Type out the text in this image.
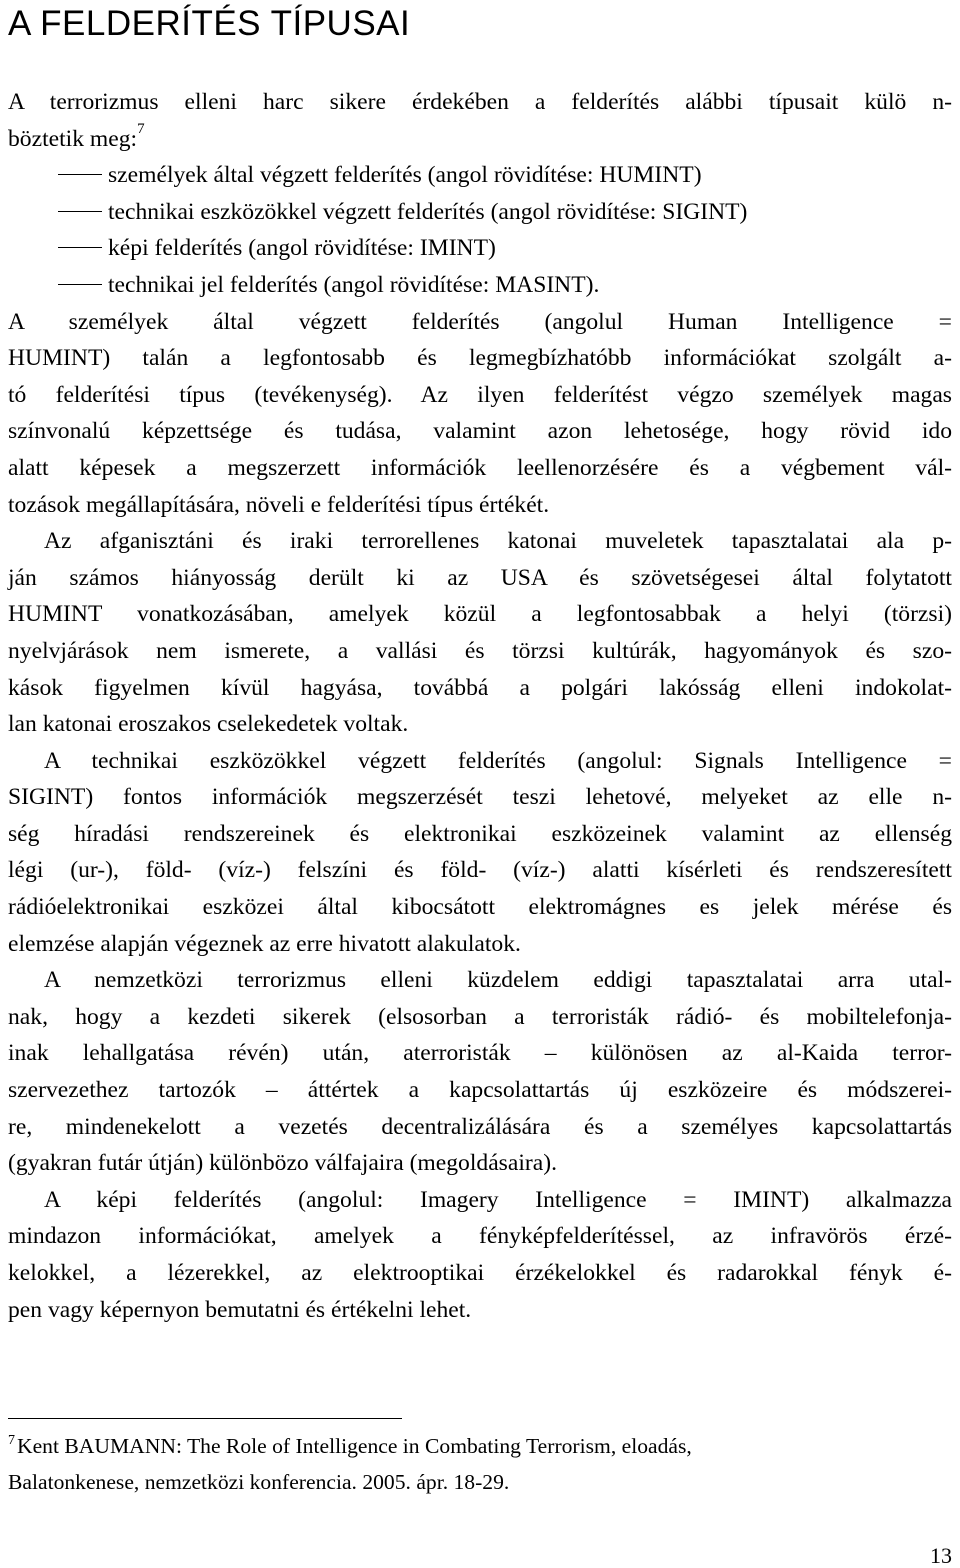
A FELDERÍTÉS TÍPUSAI
A terrorizmus elleni harc sikere érdekében a felderítés alábbi típusait külö n-
böztetik meg:$^7$
személyek által végzett felderítés (angol rövidítése: HUMINT)
technikai eszközökkel végzett felderítés (angol rövidítése: SIGINT)
képi felderítés (angol rövidítése: IMINT)
technikai jel felderítés (angol rövidítése: MASINT).
A személyek által végzett felderítés (angolul Human Intelligence =
HUMINT) talán a legfontosabb és legmegbízhatóbb információkat szolgált a-
tó felderítési típus (tevékenység). Az ilyen felderítést végzo személyek magas
színvonalú képzettsége és tudása, valamint azon lehetosége, hogy rövid ido
alatt képesek a megszerzett információk leellenorzésére és a végbement vál-
tozások megállapítására, növeli e felderítési típus értékét.
Az afganisztáni és iraki terrorellenes katonai muveletek tapasztalatai ala p-
ján számos hiányosság derült ki az USA és szövetségesei által folytatott
HUMINT vonatkozásában, amelyek közül a legfontosabbak a helyi (törzsi)
nyelvjárások nem ismerete, a vallási és törzsi kultúrák, hagyományok és szo-
kások figyelmen kívül hagyása, továbbá a polgári lakósság elleni indokolat-
lan katonai eroszakos cselekedetek voltak.
A technikai eszközökkel végzett felderítés (angolul: Signals Intelligence =
SIGINT) fontos információk megszerzését teszi lehetové, melyeket az elle n-
ség híradási rendszereinek és elektronikai eszközeinek valamint az ellenség
légi (ur-), föld- (víz-) felszíni és föld- (víz-) alatti kísérleti és rendszeresített
rádióelektronikai eszközei által kibocsátott elektromágnes es jelek mérése és
elemzése alapján végeznek az erre hivatott alakulatok.
A nemzetközi terrorizmus elleni küzdelem eddigi tapasztalatai arra utal-
nak, hogy a kezdeti sikerek (elsosorban a terroristák rádió- és mobiltelefonja-
inak lehallgatása révén) után, aterroristák – különösen az al-Kaida terror-
szervezethez tartozók – áttértek a kapcsolattartás új eszközeire és módszerei-
re, mindenekelott a vezetés decentralizálására és a személyes kapcsolattartás
(gyakran futár útján) különbözo válfajaira (megoldásaira).
A képi felderítés (angolul: Imagery Intelligence = IMINT) alkalmazza
mindazon információkat, amelyek a fényképfelderítéssel, az infravörös érzé-
kelokkel, a lézerekkel, az elektrooptikai érzékelokkel és radarokkal fényk é-
pen vagy képernyon bemutatni és értékelni lehet.
$^7$Kent BAUMANN: The Role of Intelligence in Combating Terrorism, eloadás,
Balatonkenese, nemzetközi konferencia. 2005. ápr. 18-29.
13
